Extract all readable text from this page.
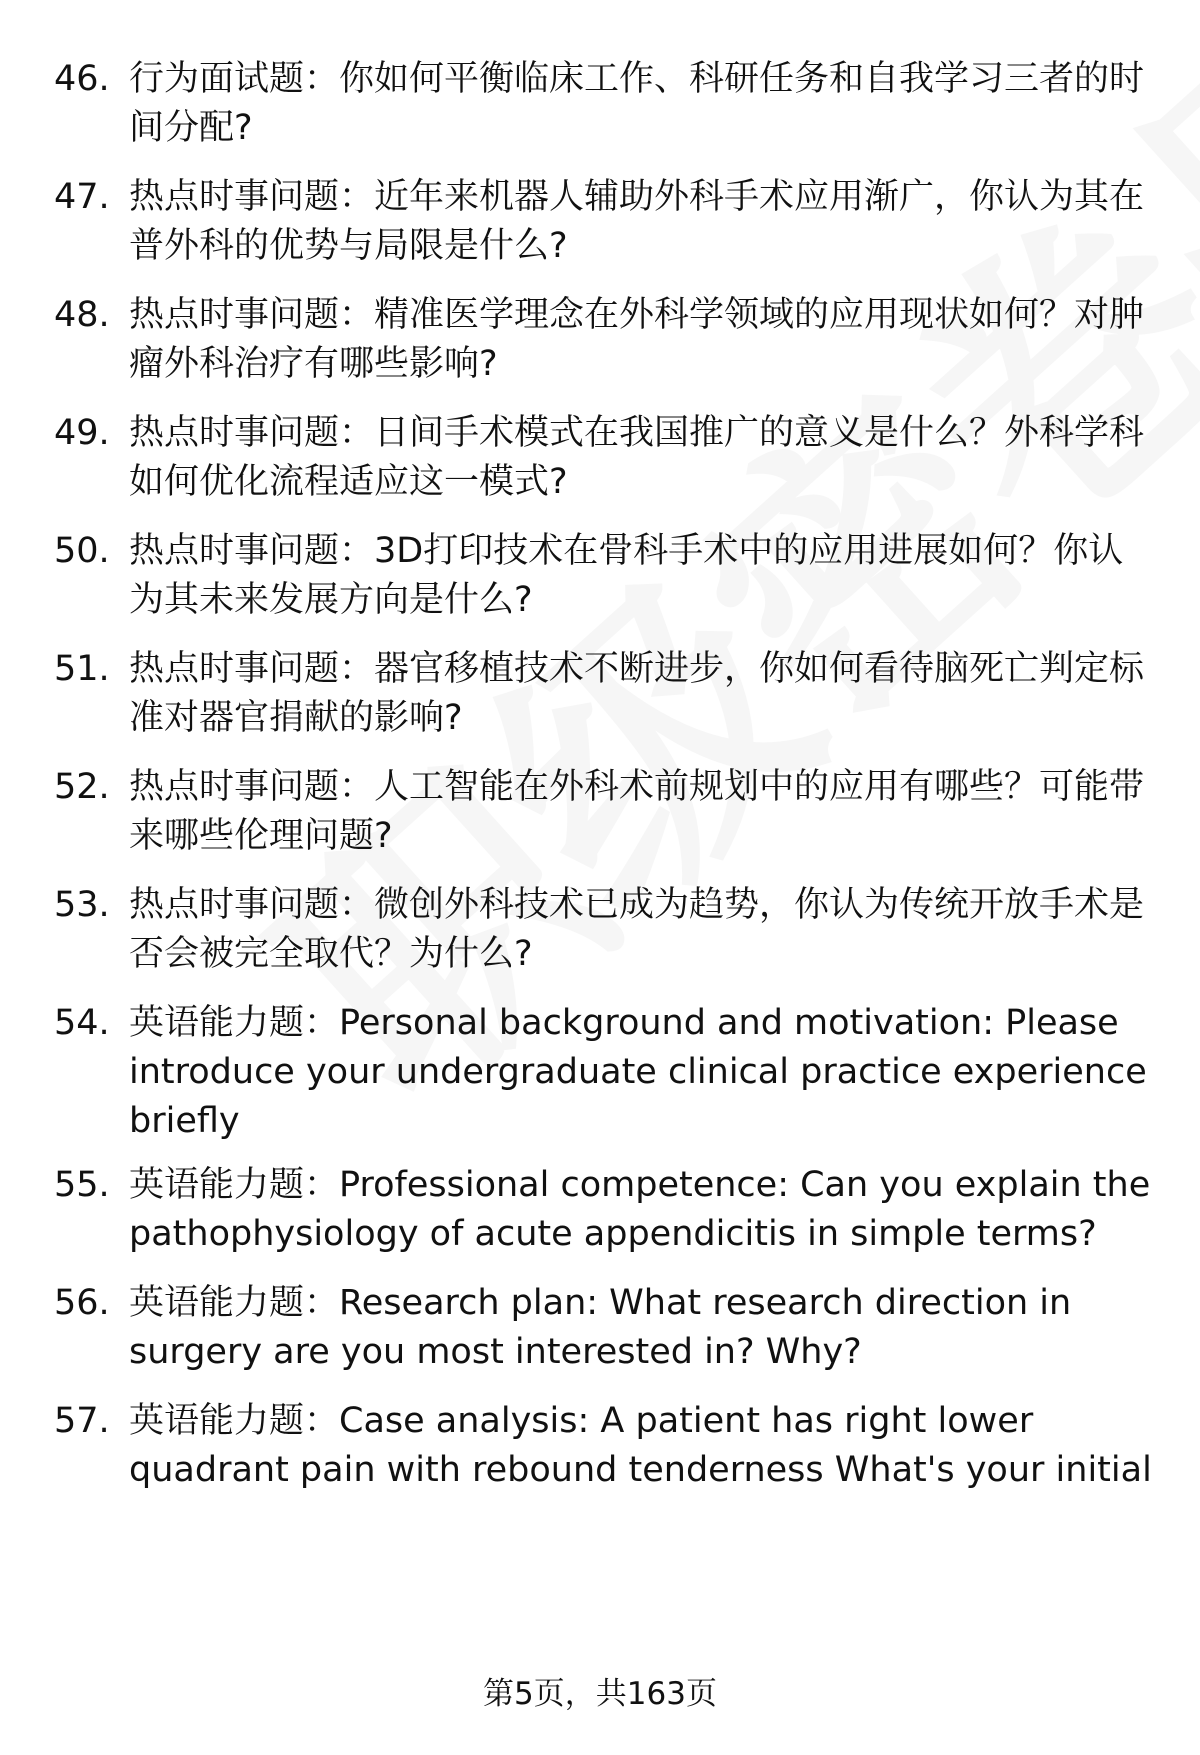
46. 行为面试题：你如何平衡临床工作、科研任务和自我学习三者的时间分配?
47. 热点时事问题：近年来机器人辅助外科手术应用渐广，你认为其在普外科的优势与局限是什么?
48. 热点时事问题：精准医学理念在外科学领域的应用现状如何？对肿瘤外科治疗有哪些影响?
49. 热点时事问题：日间手术模式在我国推广的意义是什么？外科学科如何优化流程适应这一模式?
50. 热点时事问题：3D打印技术在骨科手术中的应用进展如何？你认为其未来发展方向是什么?
51. 热点时事问题：器官移植技术不断进步，你如何看待脑死亡判定标准对器官捐献的影响?
52. 热点时事问题：人工智能在外科术前规划中的应用有哪些？可能带来哪些伦理问题?
53. 热点时事问题：微创外科技术已成为趋势，你认为传统开放手术是否会被完全取代？为什么?
54. 英语能力题：Personal background and motivation: Please introduce your undergraduate clinical practice experience briefly
55. 英语能力题：Professional competence: Can you explain the pathophysiology of acute appendicitis in simple terms?
56. 英语能力题：Research plan: What research direction in surgery are you most interested in? Why?
57. 英语能力题：Case analysis: A patient has right lower quadrant pain with rebound tenderness What's your initial
第5页，共163页
